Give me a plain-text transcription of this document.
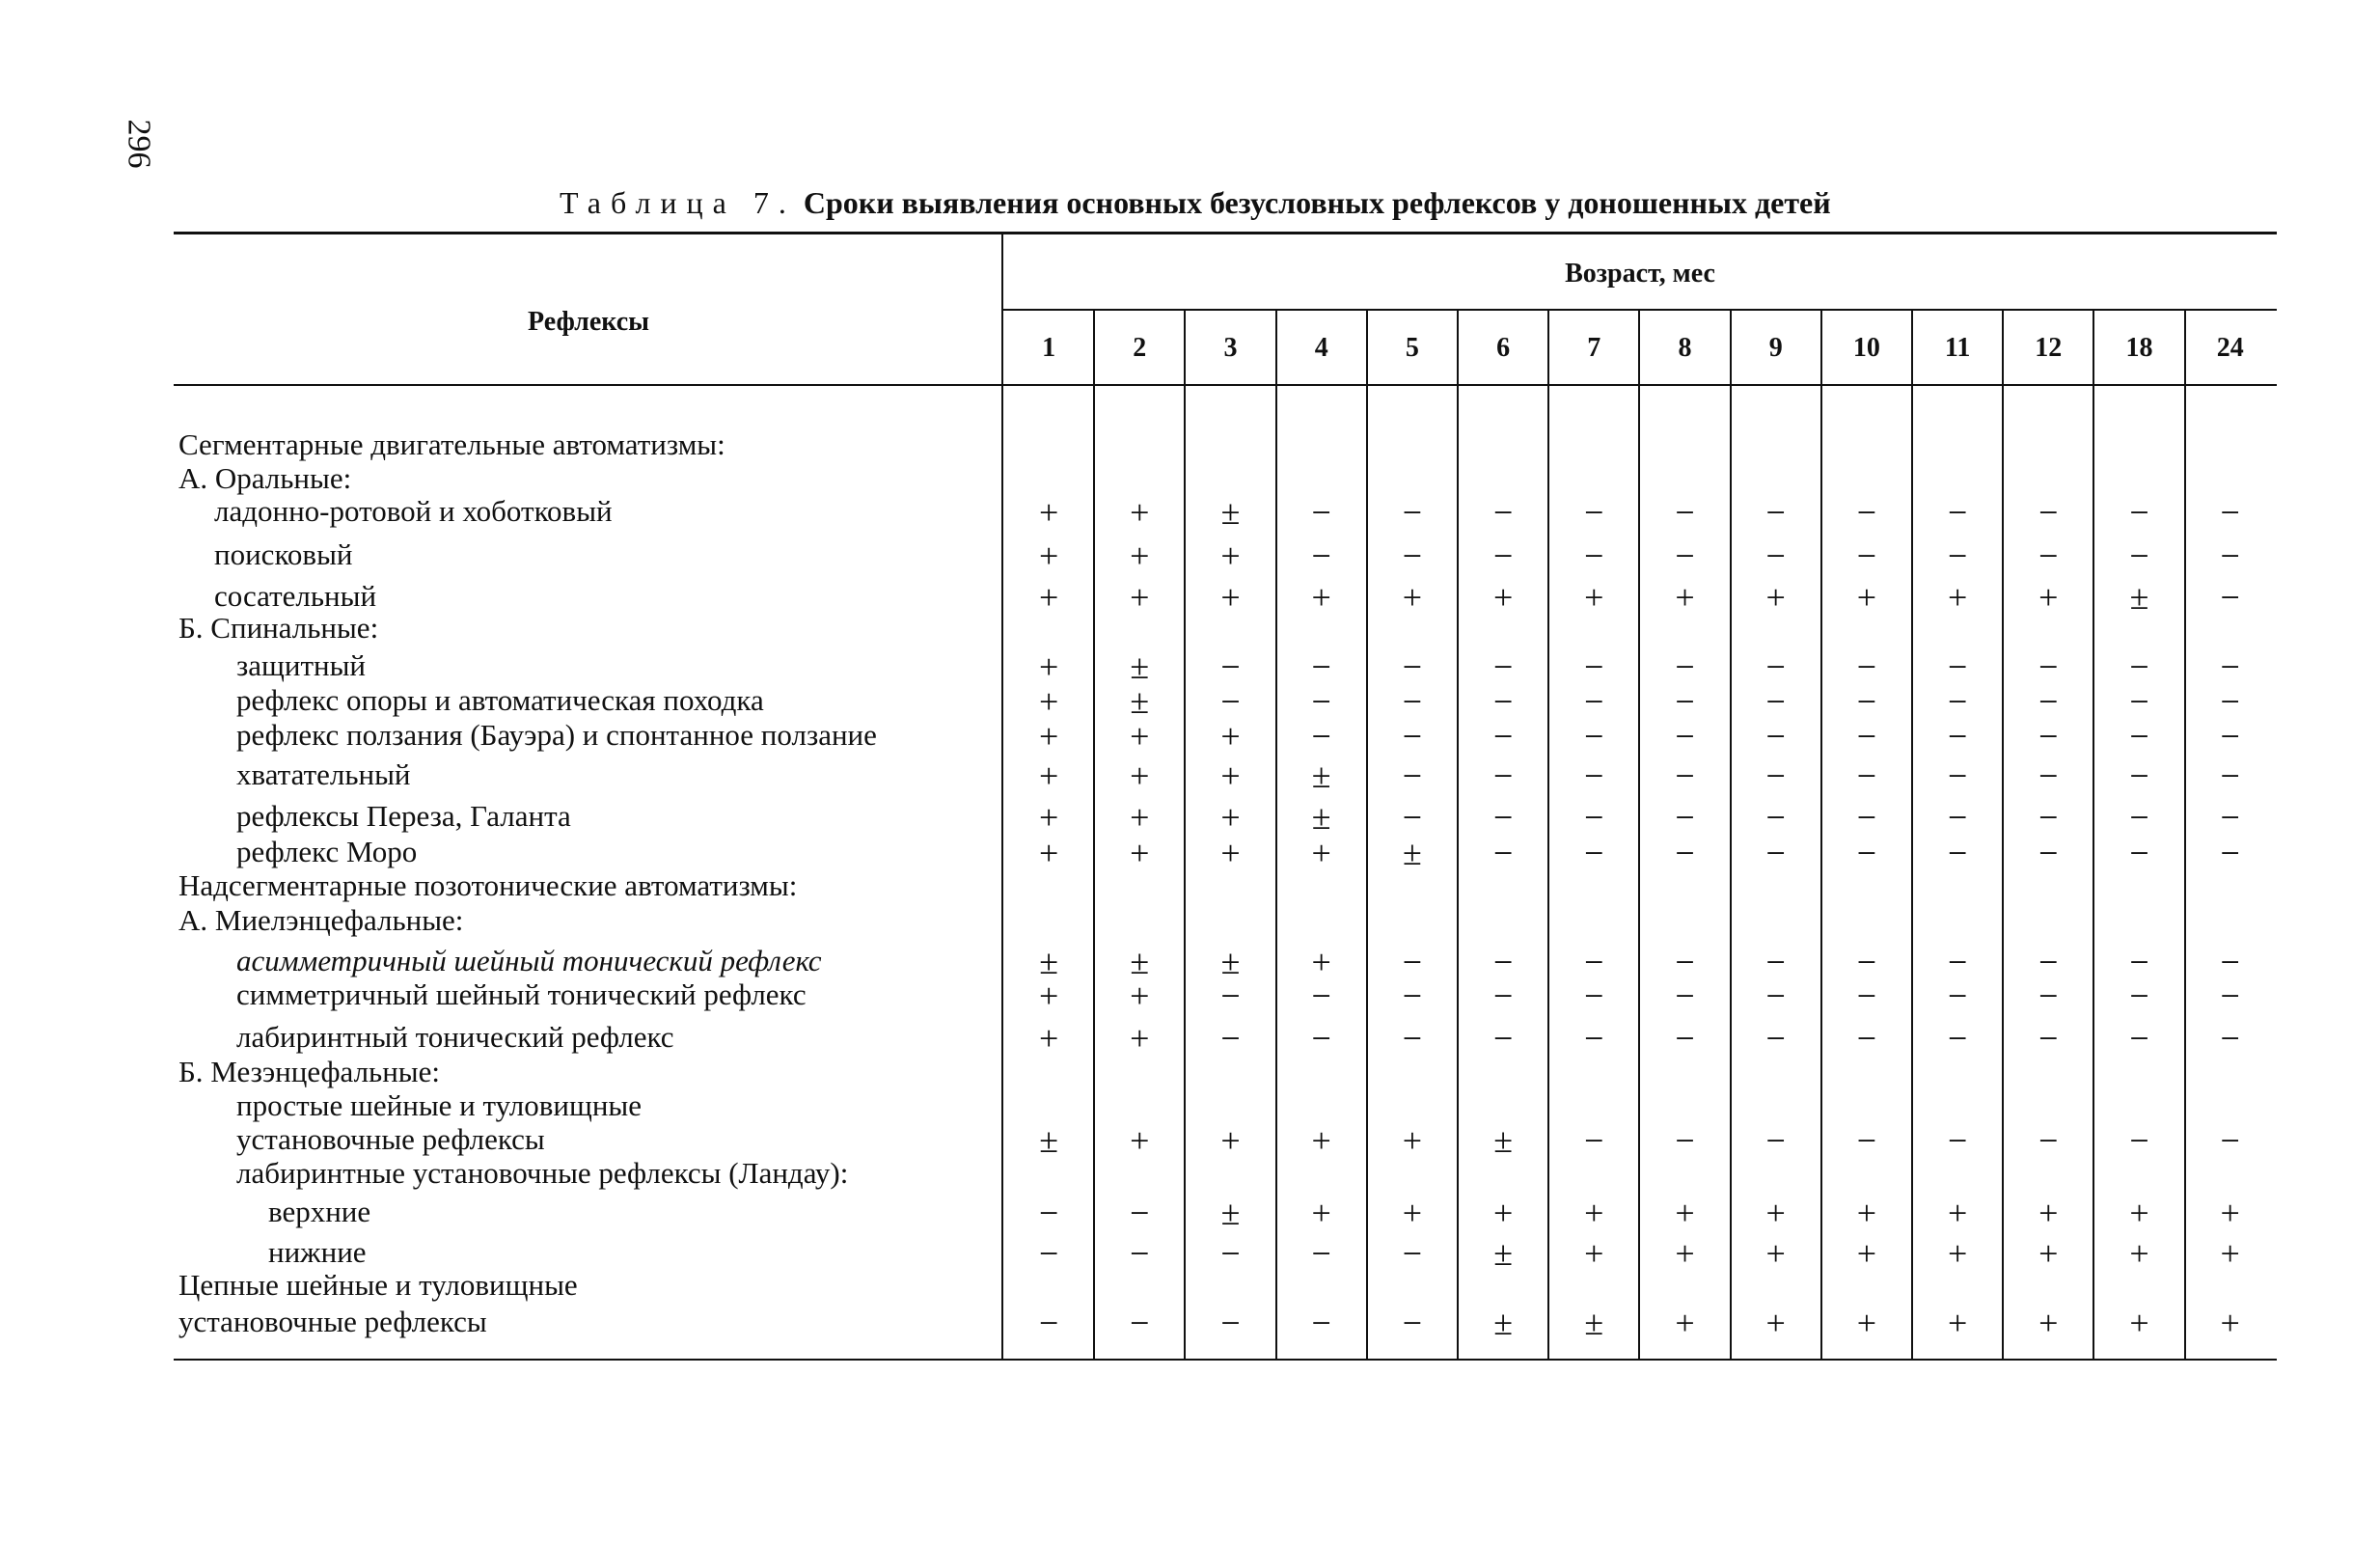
296
Таблица 7. Сроки выявления основных безусловных рефлексов у доношенных детей
Рефлексы
Возраст, мес
1	2	3	4	5	6	7	8	9	10	11	12	18	24
Сегментарные двигательные автоматизмы:
А. Оральные:
ладонно-ротовой и хоботковый	+	+	±	−	−	−	−	−	−	−	−	−	−	−
поисковый	+	+	+	−	−	−	−	−	−	−	−	−	−	−
сосательный	+	+	+	+	+	+	+	+	+	+	+	+	±	−
Б. Спинальные:
защитный	+	±	−	−	−	−	−	−	−	−	−	−	−	−
рефлекс опоры и автоматическая походка	+	±	−	−	−	−	−	−	−	−	−	−	−	−
рефлекс ползания (Бауэра) и спонтанное ползание	+	+	+	−	−	−	−	−	−	−	−	−	−	−
хватательный	+	+	+	±	−	−	−	−	−	−	−	−	−	−
рефлексы Переза, Галанта	+	+	+	±	−	−	−	−	−	−	−	−	−	−
рефлекс Моро	+	+	+	+	±	−	−	−	−	−	−	−	−	−
Надсегментарные позотонические автоматизмы:
А. Миелэнцефальные:
асимметричный шейный тонический рефлекс	±	±	±	+	−	−	−	−	−	−	−	−	−	−
симметричный шейный тонический рефлекс	+	+	−	−	−	−	−	−	−	−	−	−	−	−
лабиринтный тонический рефлекс	+	+	−	−	−	−	−	−	−	−	−	−	−	−
Б. Мезэнцефальные:
простые шейные и туловищные
установочные рефлексы	±	+	+	+	+	±	−	−	−	−	−	−	−	−
лабиринтные установочные рефлексы (Ландау):
верхние	−	−	±	+	+	+	+	+	+	+	+	+	+	+
нижние	−	−	−	−	−	±	+	+	+	+	+	+	+	+
Цепные шейные и туловищные
установочные рефлексы	−	−	−	−	−	±	±	+	+	+	+	+	+	+
